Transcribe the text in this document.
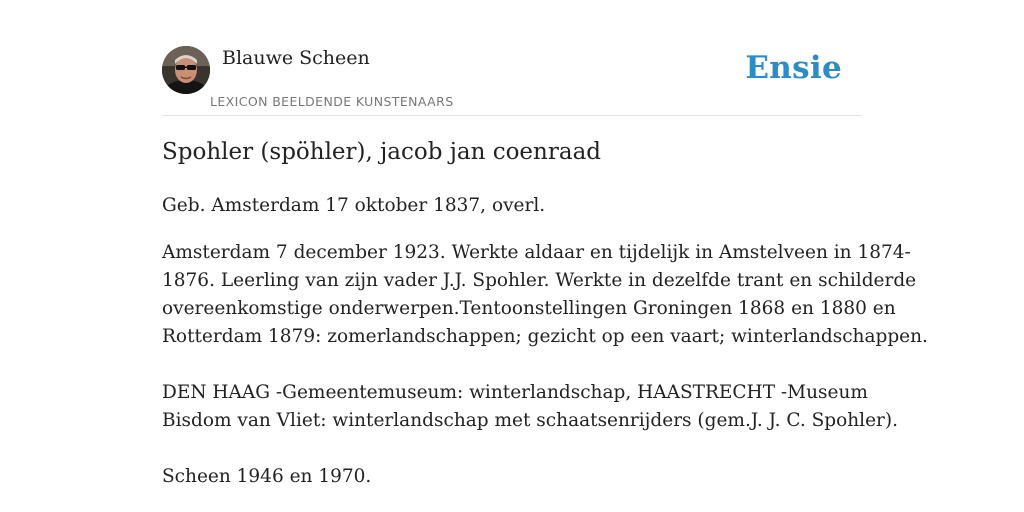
Blauwe Scheen
LEXICON BEELDENDE KUNSTENAARS
Ensie
Spohler (spöhler), jacob jan coenraad
Geb. Amsterdam 17 oktober 1837, overl.
Amsterdam 7 december 1923. Werkte aldaar en tijdelijk in Amstelveen in 1874-
1876. Leerling van zijn vader J.J. Spohler. Werkte in dezelfde trant en schilderde
overeenkomstige onderwerpen.Tentoonstellingen Groningen 1868 en 1880 en
Rotterdam 1879: zomerlandschappen; gezicht op een vaart; winterlandschappen.
DEN HAAG -Gemeentemuseum: winterlandschap, HAASTRECHT -Museum
Bisdom van Vliet: winterlandschap met schaatsenrijders (gem.J. J. C. Spohler).
Scheen 1946 en 1970.
